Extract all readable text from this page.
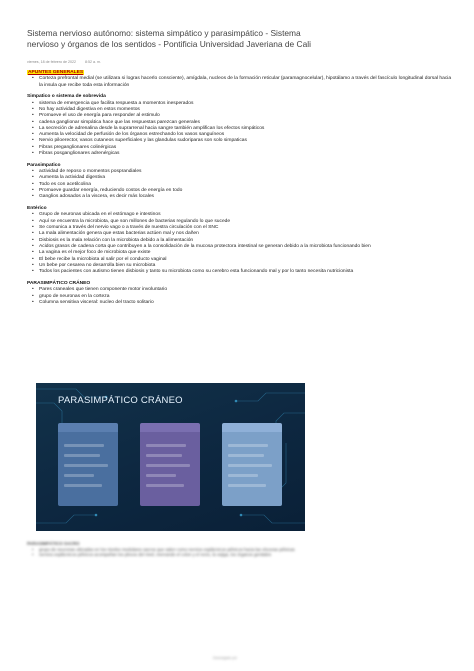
Sistema nervioso autónomo: sistema simpático y parasimpático - Sistema nervioso y órganos de los sentidos - Pontificia Universidad Javeriana de Cali
viernes, 18 de febrero de 2022	8:52 a. m.
APUNTES GENERALES
• Corteza prefrontal medial (se utilizara si logras hacerlo consciente), amígdala, nucleos de la formación reticular (paramagnocelular), hipotálamo a través del fascículo longitudinal dorsal hacia la insula que recibe toda esta información
Simpatico o sistema de sobrevida
• sistema de emergencia que facilita respuesta a momentos inesperados
• No hay actividad digestiva en estos momentos
• Promueve el uso de energía para responder al estimulo
• cadena ganglionar simpática hace que las respuestas parezcan generales
• La secreción de adrenalina desde la suprarrenal hacia sangre también amplifican los efectos simpáticos
• Aumenta la velocidad de perfusión de los órganos estrechando los vasos sanguíneos
• Nervio piloerector, vasos cutaneos superficiales y las glandulas sudoriparas son solo simpaticas
• Fibras preganglionares colinérgicas
• Fibras posganglionares adrenérgicas
Parasimpatico
• actividad de reposo o momentos posprandiales
• Aumenta la actividad digestiva
• Todo es con acetilcolina
• Promueve guardar energía, reduciendo costos de energía en todo
• Ganglios adosados a la viscera, es decir más locales
Entérico
• Grupo de neuronas ubicada en el estómago e intestinos
• Aquí se encuentra la microbiota, que son millones de bacterias regulando lo que sucede
• Se comunica a través del nervio vago o a través de nuestra circulación con el SNC
• La mala alimentación genera que estas bacterias actúen mal y nos dañen
• Disbiosis es la mala relación con la microbiota debido a la alimentación
• Acidos grasos de cadena corta que contribuyen a la consolidación de la mucosa protectora intestinal se generan debido a la microbiota funcionando bien
• La vagina es el mejor foco de microbiota que existe
• El bebe recibe la microbiota al salir por el conducto vaginal
• Un bebe por cesarea no desarrolla bien su microbiota
• Todos los pacientes con autismo tienen disbiosis y tanto su microbiota como su cerebro esta funcionando mal y por lo tanto necesita nutricionista
PARASIMPÁTICO CRÁNEO
• Pares craneales que tienen componente motor involuntario
• grupo de neuronas en la corteza
• Columna sensitiva visceral: nucleo del tracto solitario
PARASIMPÁTICO CRÁNEO
PARASIMPÁTICO SACRO
• grupo de neuronas ubicadas en los niveles medulares sacros que salen como nervios esplácnicos pélvicos hacia las vísceras pélvicas
• nervios esplácnicos pélvicos acompañan los plexos del nivel, inervando el colon y el recto, la vejiga, los órganos genitales
Descargado por
